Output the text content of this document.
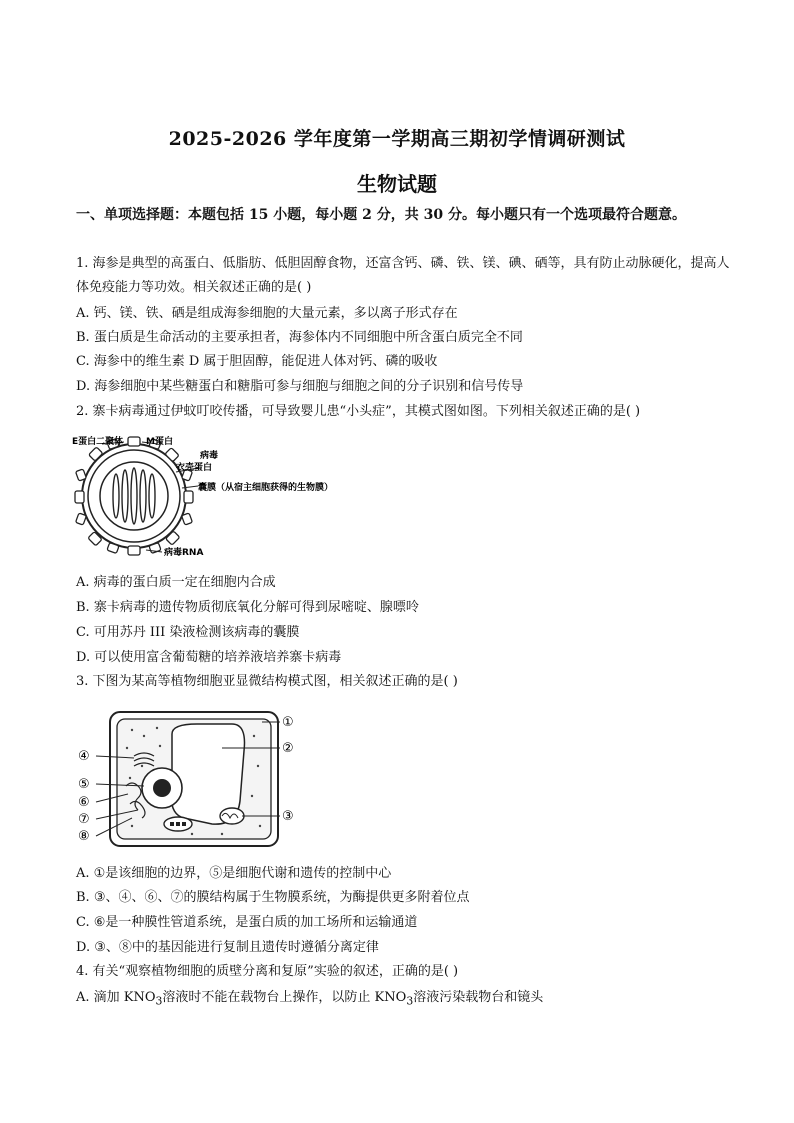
2025-2026 学年度第一学期高三期初学情调研测试
生物试题
一、单项选择题：本题包括 15 小题，每小题 2 分，共 30 分。每小题只有一个选项最符合题意。
1. 海参是典型的高蛋白、低脂肪、低胆固醇食物，还富含钙、磷、铁、镁、碘、硒等，具有防止动脉硬化，提高人体免疫能力等功效。相关叙述正确的是( )
A. 钙、镁、铁、硒是组成海参细胞的大量元素，多以离子形式存在
B. 蛋白质是生命活动的主要承担者，海参体内不同细胞中所含蛋白质完全不同
C. 海参中的维生素 D 属于胆固醇，能促进人体对钙、磷的吸收
D. 海参细胞中某些糖蛋白和糖脂可参与细胞与细胞之间的分子识别和信号传导
2. 寨卡病毒通过伊蚊叮咬传播，可导致婴儿患“小头症”，其模式图如图。下列相关叙述正确的是( )
E蛋白二聚体	M蛋白
病毒
衣壳蛋白
囊膜（从宿主细胞获得的生物膜）
病毒RNA
A. 病毒的蛋白质一定在细胞内合成
B. 寨卡病毒的遗传物质彻底氧化分解可得到尿嘧啶、腺嘌呤
C. 可用苏丹 III 染液检测该病毒的囊膜
D. 可以使用富含葡萄糖的培养液培养寨卡病毒
3. 下图为某高等植物细胞亚显微结构模式图，相关叙述正确的是( )
①
②
③
④
⑤
⑥
⑦
⑧
A. ①是该细胞的边界，⑤是细胞代谢和遗传的控制中心
B. ③、④、⑥、⑦的膜结构属于生物膜系统，为酶提供更多附着位点
C. ⑥是一种膜性管道系统，是蛋白质的加工场所和运输通道
D. ③、⑧中的基因能进行复制且遗传时遵循分离定律
4. 有关“观察植物细胞的质壁分离和复原”实验的叙述，正确的是( )
A. 滴加 $KNO_3$溶液时不能在载物台上操作，以防止 $KNO_3$溶液污染载物台和镜头
